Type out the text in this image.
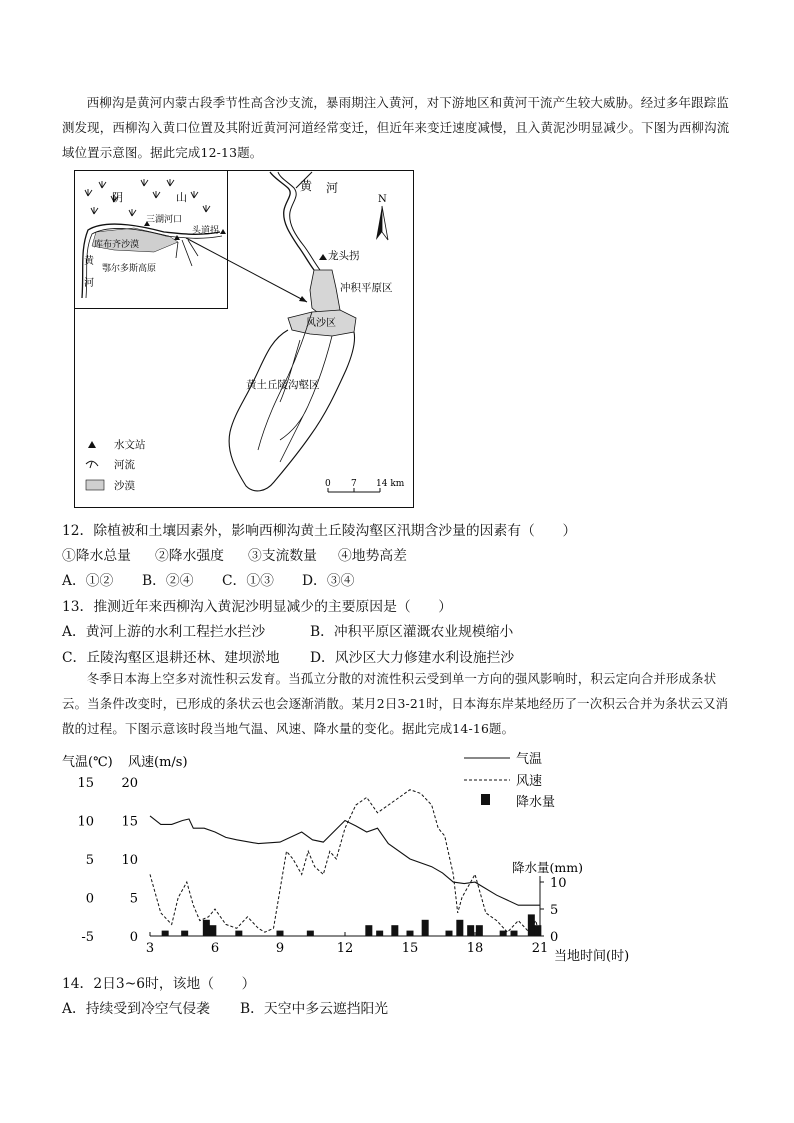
西柳沟是黄河内蒙古段季节性高含沙支流，暴雨期注入黄河，对下游地区和黄河干流产生较大威胁。经过多年跟踪监测发现，西柳沟入黄口位置及其附近黄河河道经常变迁，但近年来变迁速度减慢，且入黄泥沙明显减少。下图为西柳沟流域位置示意图。据此完成12-13题。
阴	山
三湖河口
头道拐
库布齐沙漠
鄂尔多斯高原
黄
河
黄 河
N
龙头拐
冲积平原区
风沙区
黄土丘陵沟壑区
水文站
河流
沙漠	0 7 14 km
12．除植被和土壤因素外，影响西柳沟黄土丘陵沟壑区汛期含沙量的因素有（　　）
①降水总量 ②降水强度 ③支流数量 ④地势高差
A．①② B．②④ C．①③ D．③④
13．推测近年来西柳沟入黄泥沙明显减少的主要原因是（　　）
A．黄河上游的水利工程拦水拦沙	B．冲积平原区灌溉农业规模缩小
C．丘陵沟壑区退耕还林、建坝淤地 D．风沙区大力修建水利设施拦沙
冬季日本海上空多对流性积云发育。当孤立分散的对流性积云受到单一方向的强风影响时，积云定向合并形成条状云。当条件改变时，已形成的条状云也会逐渐消散。某月2日3-21时，日本海东岸某地经历了一次积云合并为条状云又消散的过程。下图示意该时段当地气温、风速、降水量的变化。据此完成14-16题。
3	6	9	12	15	18	21
15
10
5
0
-5
20
15
10
5
0
10
5
0
气温(℃) 风速(m/s)
降水量(mm)
当地时间(时)
气温
风速
降水量
14．2日3~6时，该地（　　）
A．持续受到冷空气侵袭 B．天空中多云遮挡阳光
